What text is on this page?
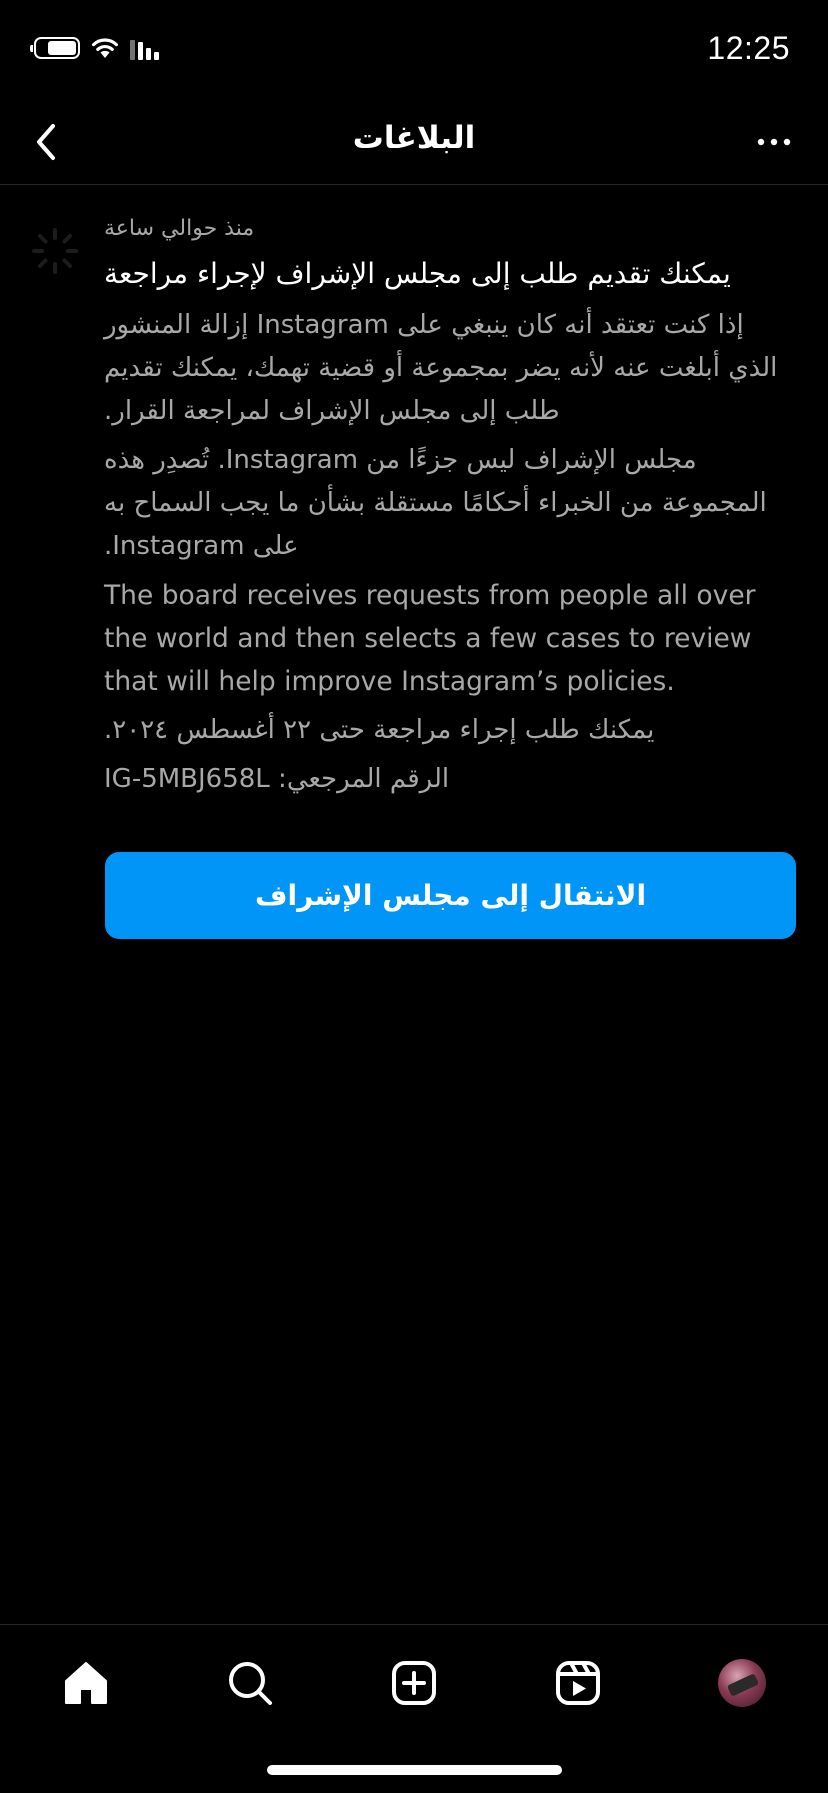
12:25
البلاغات

منذ حوالي ساعة

يمكنك تقديم طلب إلى مجلس الإشراف لإجراء مراجعة

إذا كنت تعتقد أنه كان ينبغي على Instagram إزالة المنشور الذي أبلغت عنه لأنه يضر بمجموعة أو قضية تهمك، يمكنك تقديم طلب إلى مجلس الإشراف لمراجعة القرار.

مجلس الإشراف ليس جزءًا من Instagram. تُصدِر هذه المجموعة من الخبراء أحكامًا مستقلة بشأن ما يجب السماح به على Instagram.

The board receives requests from people all over the world and then selects a few cases to review that will help improve Instagram’s policies.

يمكنك طلب إجراء مراجعة حتى ٢٢ أغسطس ٢٠٢٤.

الرقم المرجعي: IG-5MBJ658L

الانتقال إلى مجلس الإشراف
